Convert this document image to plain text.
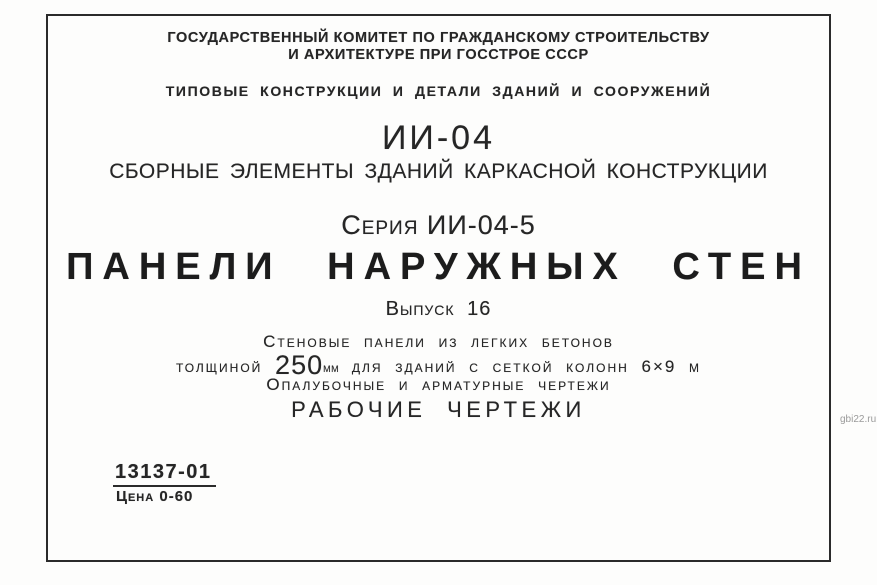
ГОСУДАРСТВЕННЫЙ КОМИТЕТ ПО ГРАЖДАНСКОМУ СТРОИТЕЛЬСТВУ
И АРХИТЕКТУРЕ ПРИ ГОССТРОЕ СССР
ТИПОВЫЕ КОНСТРУКЦИИ И ДЕТАЛИ ЗДАНИЙ И СООРУЖЕНИЙ
ИИ-04
СБОРНЫЕ ЭЛЕМЕНТЫ ЗДАНИЙ КАРКАСНОЙ КОНСТРУКЦИИ
Серия ИИ-04-5
ПАНЕЛИ НАРУЖНЫХ СТЕН
Выпуск 16
Стеновые панели из легких бетонов
толщиной 250мм для зданий с сеткой колонн 6×9 м
Опалубочные и арматурные чертежи
РАБОЧИЕ ЧЕРТЕЖИ
13137-01
Цена 0-60
gbi22.ru
